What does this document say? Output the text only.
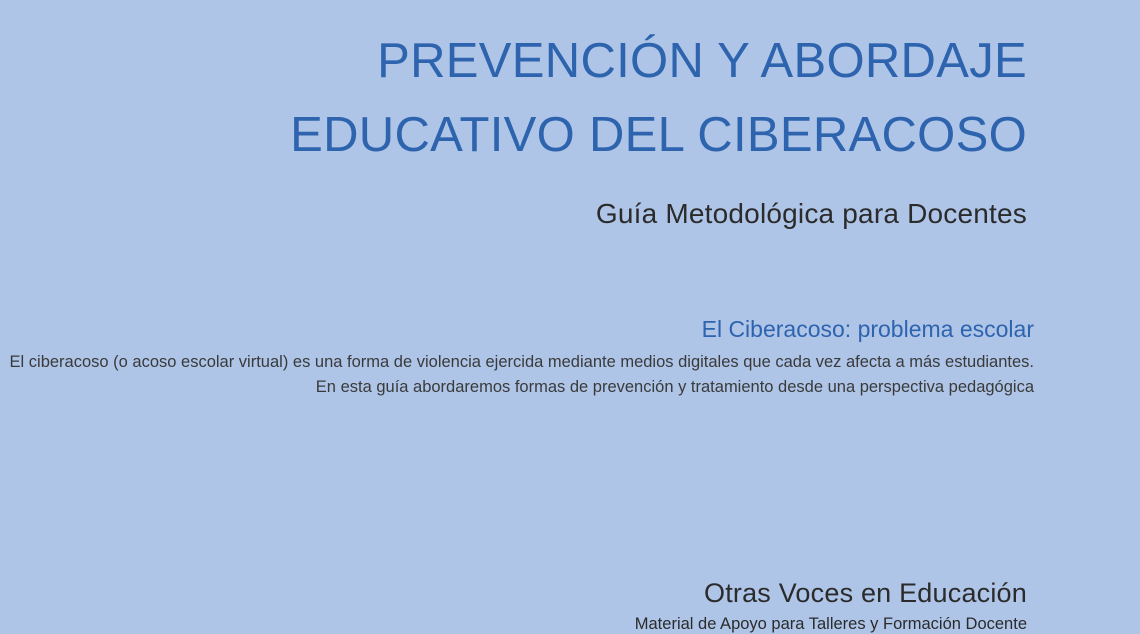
PREVENCIÓN Y ABORDAJE
EDUCATIVO DEL CIBERACOSO
Guía Metodológica para Docentes
El Ciberacoso: problema escolar
El ciberacoso (o acoso escolar virtual) es una forma de violencia ejercida mediante medios digitales que cada vez afecta a más estudiantes. En esta guía abordaremos formas de prevención y tratamiento desde una perspectiva pedagógica
Otras Voces en Educación
Material de Apoyo para Talleres y Formación Docente
